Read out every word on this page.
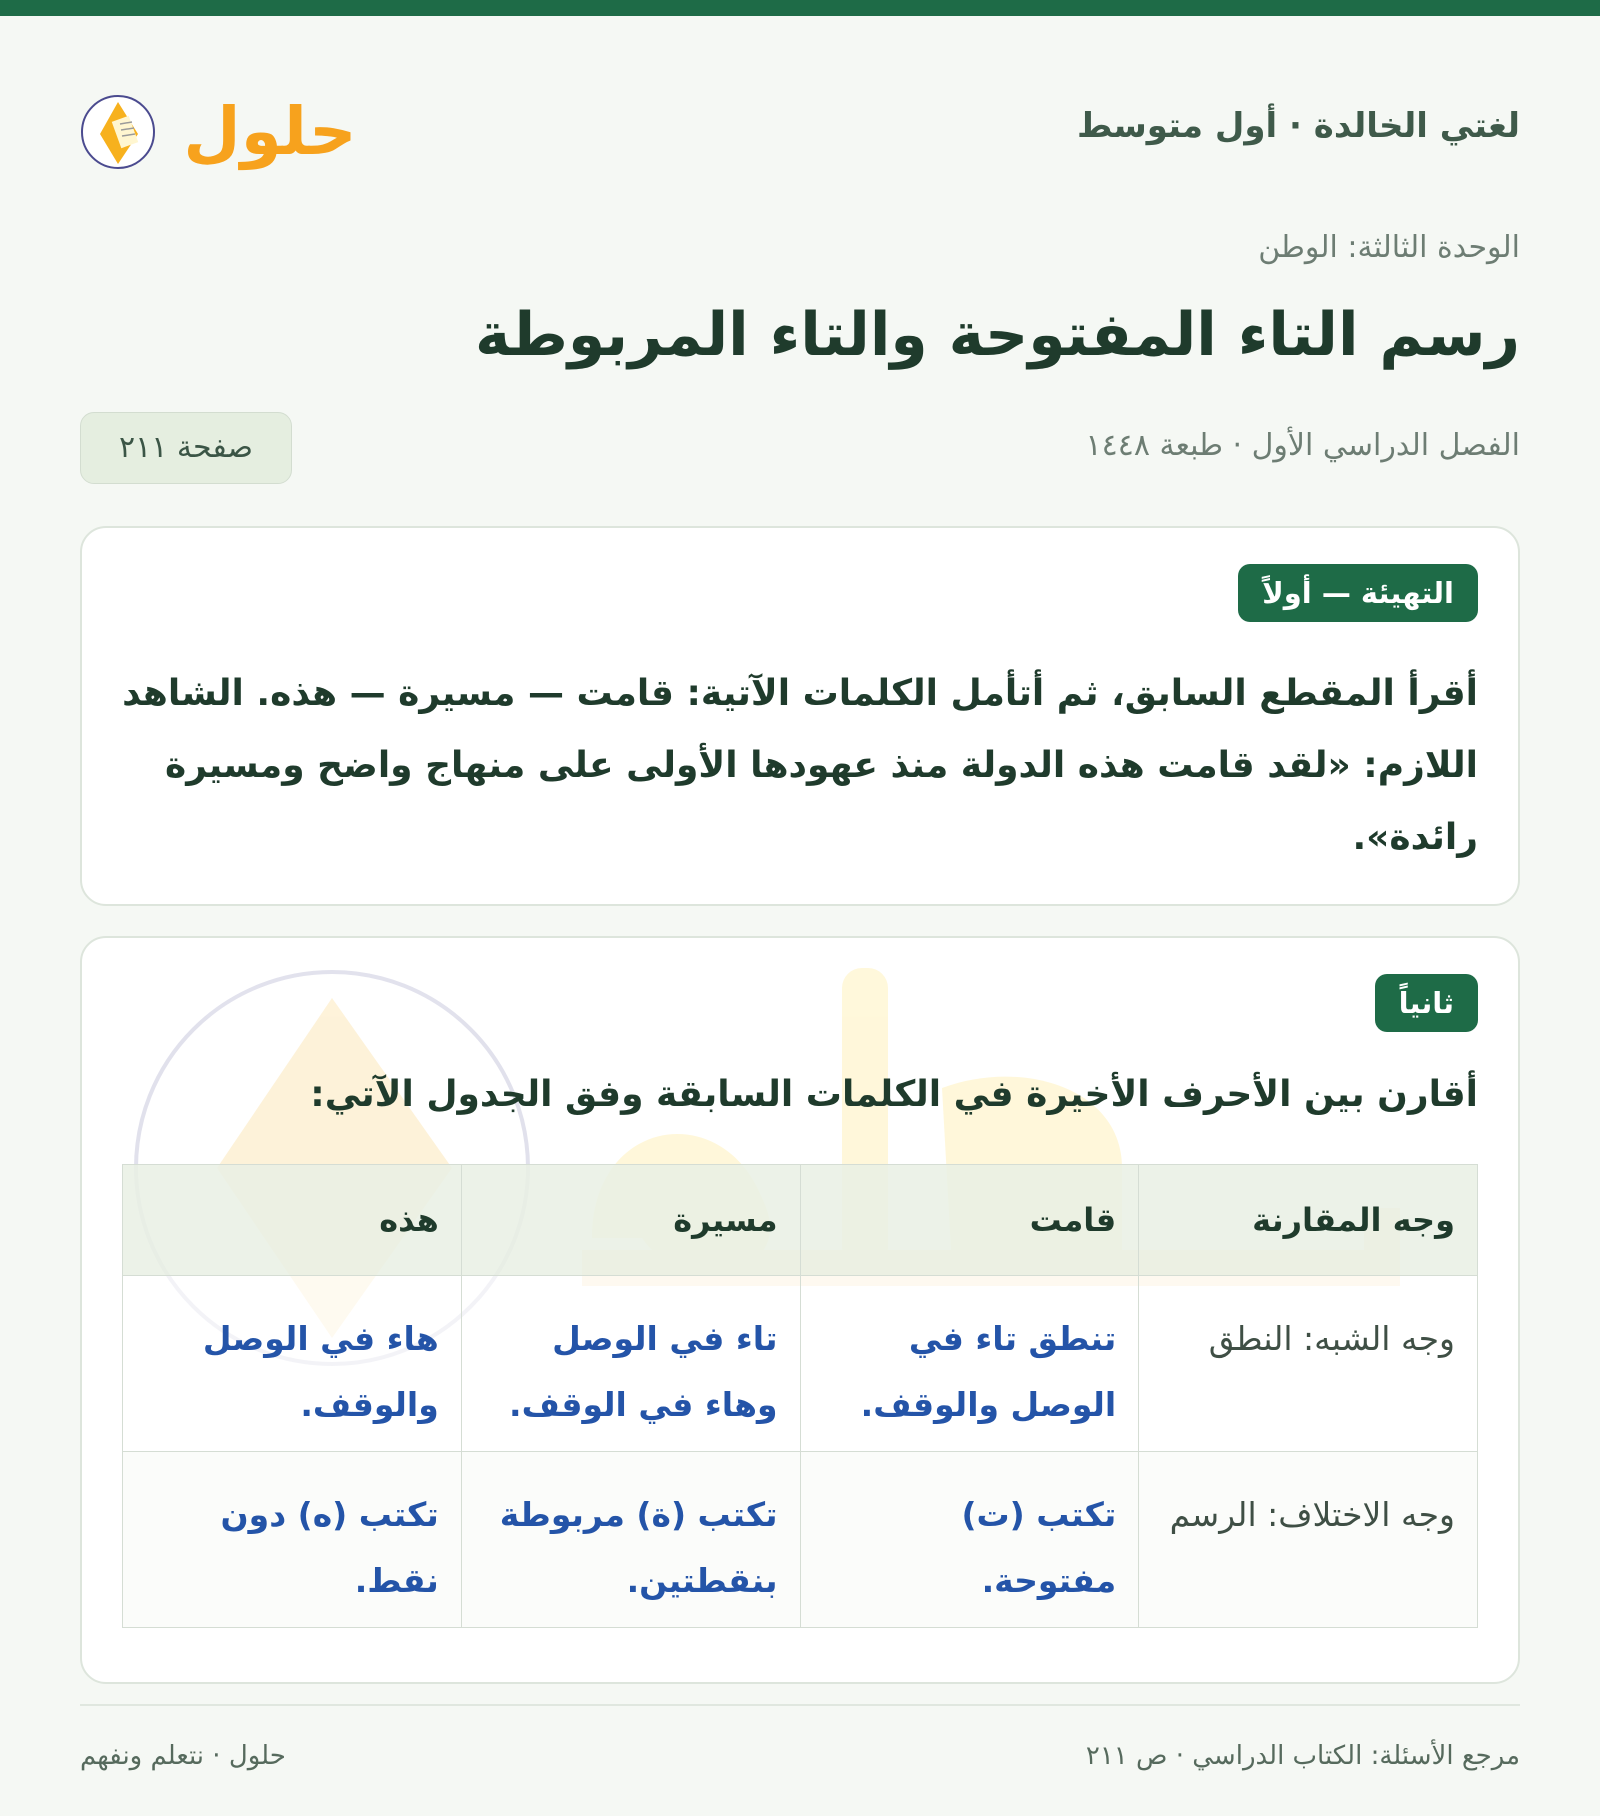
لغتي الخالدة · أول متوسط
حلول
الوحدة الثالثة: الوطن
رسم التاء المفتوحة والتاء المربوطة
الفصل الدراسي الأول · طبعة ١٤٤٨
صفحة ٢١١
التهيئة — أولاً
أقرأ المقطع السابق، ثم أتأمل الكلمات الآتية: قامت — مسيرة — هذه. الشاهد اللازم: «لقد قامت هذه الدولة منذ عهودها الأولى على منهاج واضح ومسيرة رائدة».
ثانياً
أقارن بين الأحرف الأخيرة في الكلمات السابقة وفق الجدول الآتي:
وجه المقارنة	قامت	مسيرة	هذه
وجه الشبه: النطق	تنطق تاء في الوصل والوقف.	تاء في الوصل وهاء في الوقف.	هاء في الوصل والوقف.
وجه الاختلاف: الرسم	تكتب (ت) مفتوحة.	تكتب (ة) مربوطة بنقطتين.	تكتب (ه) دون نقط.
مرجع الأسئلة: الكتاب الدراسي · ص ٢١١
حلول · نتعلم ونفهم
